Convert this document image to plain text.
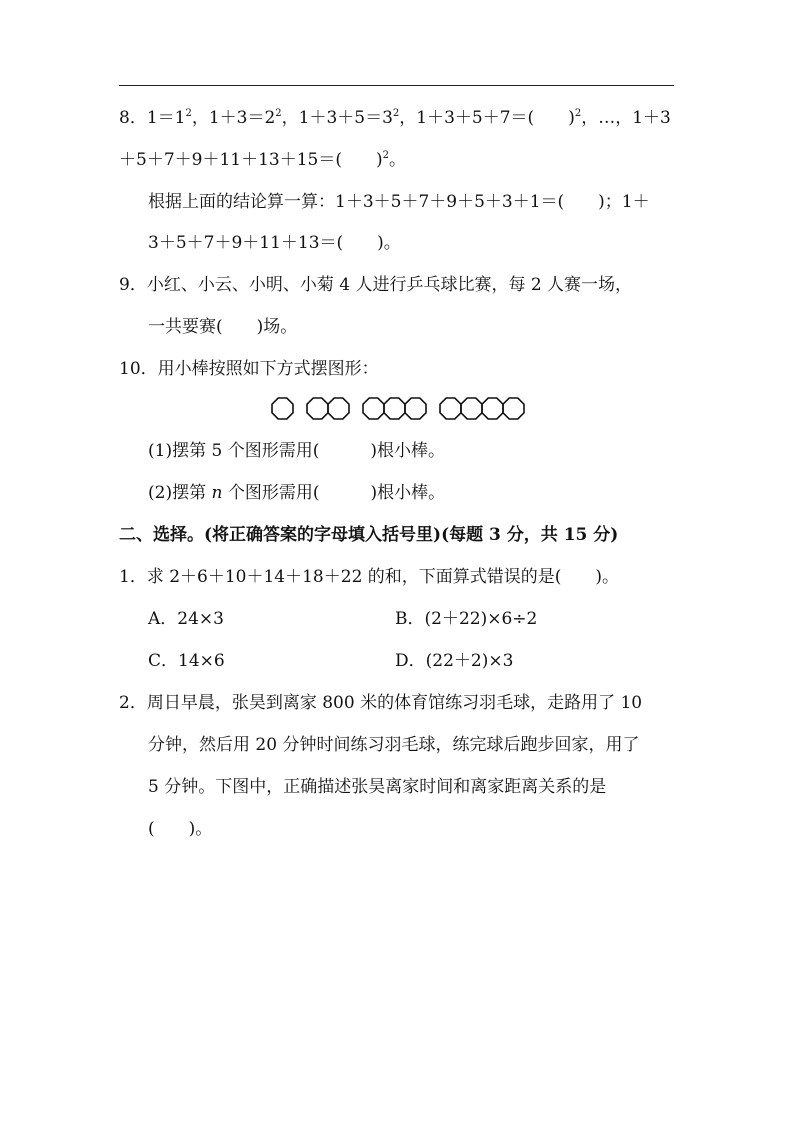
8．$1=1^2$，$1+3=2^2$，$1+3+5=3^2$，1＋3＋5＋7＝(　　)$^2$，…，1＋3
＋5＋7＋9＋11＋13＋15＝(　　)$^2$。
根据上面的结论算一算：1＋3＋5＋7＋9＋5＋3＋1＝(　　)；1＋
3＋5＋7＋9＋11＋13＝(　　)。
9．小红、小云、小明、小菊 4 人进行乒乓球比赛，每 2 人赛一场，
一共要赛(　　)场。
10．用小棒按照如下方式摆图形：
(1)摆第 5 个图形需用(　　　)根小棒。
(2)摆第 n 个图形需用(　　　)根小棒。
二、选择。(将正确答案的字母填入括号里)(每题 3 分，共 15 分)
1．求 2＋6＋10＋14＋18＋22 的和，下面算式错误的是(　　)。
A．24×3	B．(2＋22)×6÷2
C．14×6	D．(22＋2)×3
2．周日早晨，张昊到离家 800 米的体育馆练习羽毛球，走路用了 10
分钟，然后用 20 分钟时间练习羽毛球，练完球后跑步回家，用了
5 分钟。下图中，正确描述张昊离家时间和离家距离关系的是
(　　)。
